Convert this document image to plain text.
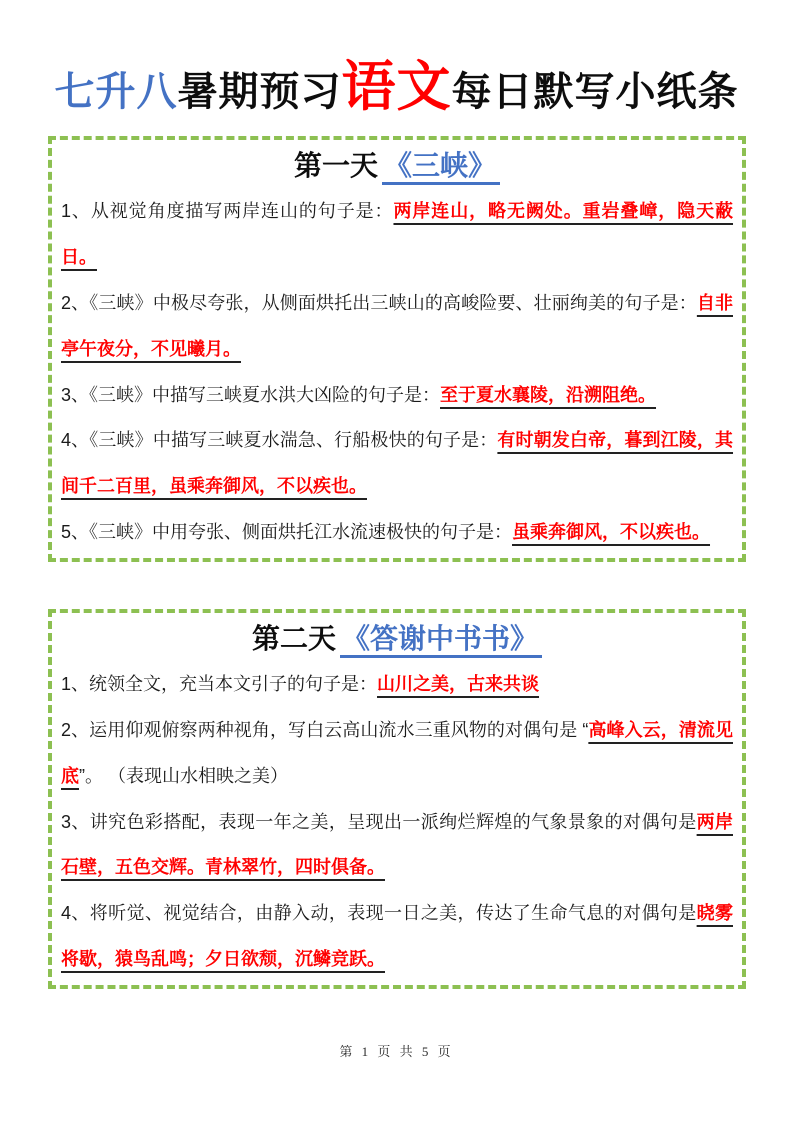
七升八暑期预习语文每日默写小纸条
第一天 《三峡》

1、从视觉角度描写两岸连山的句子是：两岸连山，略无阙处。重岩叠嶂，隐天蔽日。

2、《三峡》中极尽夸张，从侧面烘托出三峡山的高峻险要、壮丽绚美的句子是：自非亭午夜分，不见曦月。

3、《三峡》中描写三峡夏水洪大凶险的句子是：至于夏水襄陵，沿溯阻绝。

4、《三峡》中描写三峡夏水湍急、行船极快的句子是：有时朝发白帝，暮到江陵，其间千二百里，虽乘奔御风，不以疾也。

5、《三峡》中用夸张、侧面烘托江水流速极快的句子是：虽乘奔御风，不以疾也。

第二天 《答谢中书书》

1、统领全文，充当本文引子的句子是：山川之美，古来共谈

2、运用仰观俯察两种视角，写白云高山流水三重风物的对偶句是 “高峰入云，清流见底”。 （表现山水相映之美）

3、讲究色彩搭配，表现一年之美，呈现出一派绚烂辉煌的气象景象的对偶句是两岸石壁，五色交辉。青林翠竹，四时俱备。

4、将听觉、视觉结合，由静入动，表现一日之美，传达了生命气息的对偶句是晓雾将歇，猿鸟乱鸣；夕日欲颓，沉鳞竞跃。

第 1 页 共 5 页
